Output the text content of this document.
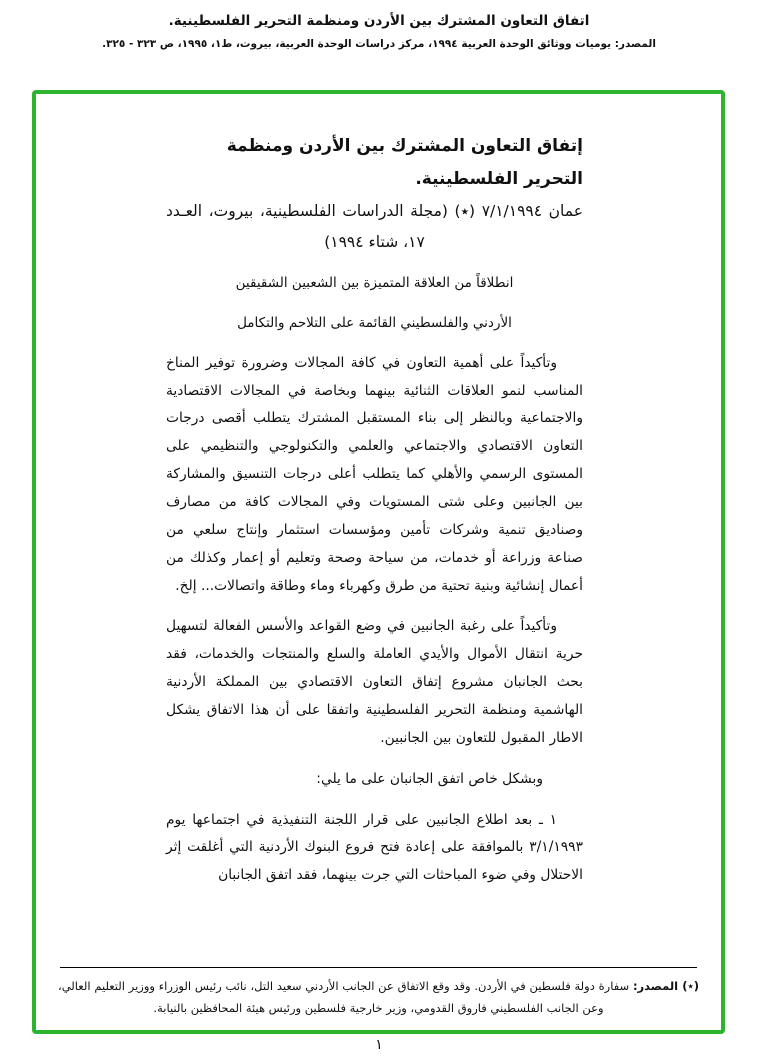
اتفاق التعاون المشترك بين الأردن ومنظمة التحرير الفلسطينية.
المصدر: يوميات ووثائق الوحدة العربية ١٩٩٤، مركز دراسات الوحدة العربية، بيروت، ط١، ١٩٩٥، ص ٣٢٣ - ٣٢٥.
إتفاق التعاون المشترك بين الأردن ومنظمة التحرير الفلسطينية.
عمان ٧/١/١٩٩٤ (٭) (مجلة الدراسات الفلسطينية، بيروت، العـدد ١٧، شتاء ١٩٩٤)

انطلاقاً من العلاقة المتميزة بين الشعبين الشقيقين

الأردني والفلسطيني القائمة على التلاحم والتكامل

وتأكيداً على أهمية التعاون في كافة المجالات وضرورة توفير المناخ المناسب لنمو العلاقات الثنائية بينهما وبخاصة في المجالات الاقتصادية والاجتماعية وبالنظر إلى بناء المستقبل المشترك يتطلب أقصى درجات التعاون الاقتصادي والاجتماعي والعلمي والتكنولوجي والتنظيمي على المستوى الرسمي والأهلي كما يتطلب أعلى درجات التنسيق والمشاركة بين الجانبين وعلى شتى المستويات وفي المجالات كافة من مصارف وصناديق تنمية وشركات تأمين ومؤسسات استثمار وإنتاج سلعي من صناعة وزراعة أو خدمات، من سياحة وصحة وتعليم أو إعمار وكذلك من أعمال إنشائية وبنية تحتية من طرق وكهرباء وماء وطاقة واتصالات... إلخ.

وتأكيداً على رغبة الجانبين في وضع القواعد والأسس الفعالة لتسهيل حرية انتقال الأموال والأيدي العاملة والسلع والمنتجات والخدمات، فقد بحث الجانبان مشروع إتفاق التعاون الاقتصادي بين المملكة الأردنية الهاشمية ومنظمة التحرير الفلسطينية واتفقا على أن هذا الاتفاق يشكل الاطار المقبول للتعاون بين الجانبين.

وبشكل خاص اتفق الجانبان على ما يلي:

١ ـ بعد اطلاع الجانبين على قرار اللجنة التنفيذية في اجتماعها يوم ٣/١/١٩٩٣ بالموافقة على إعادة فتح فروع البنوك الأردنية التي أغلقت إثر الاحتلال وفي ضوء المباحثات التي جرت بينهما، فقد اتفق الجانبان

(٭) المصدر: سفارة دولة فلسطين في الأردن. وقد وقع الاتفاق عن الجانب الأردني سعيد التل، نائب رئيس الوزراء ووزير التعليم العالي، وعن الجانب الفلسطيني فاروق القدومي، وزير خارجية فلسطين ورئيس هيئة المحافظين بالنيابة.

١
